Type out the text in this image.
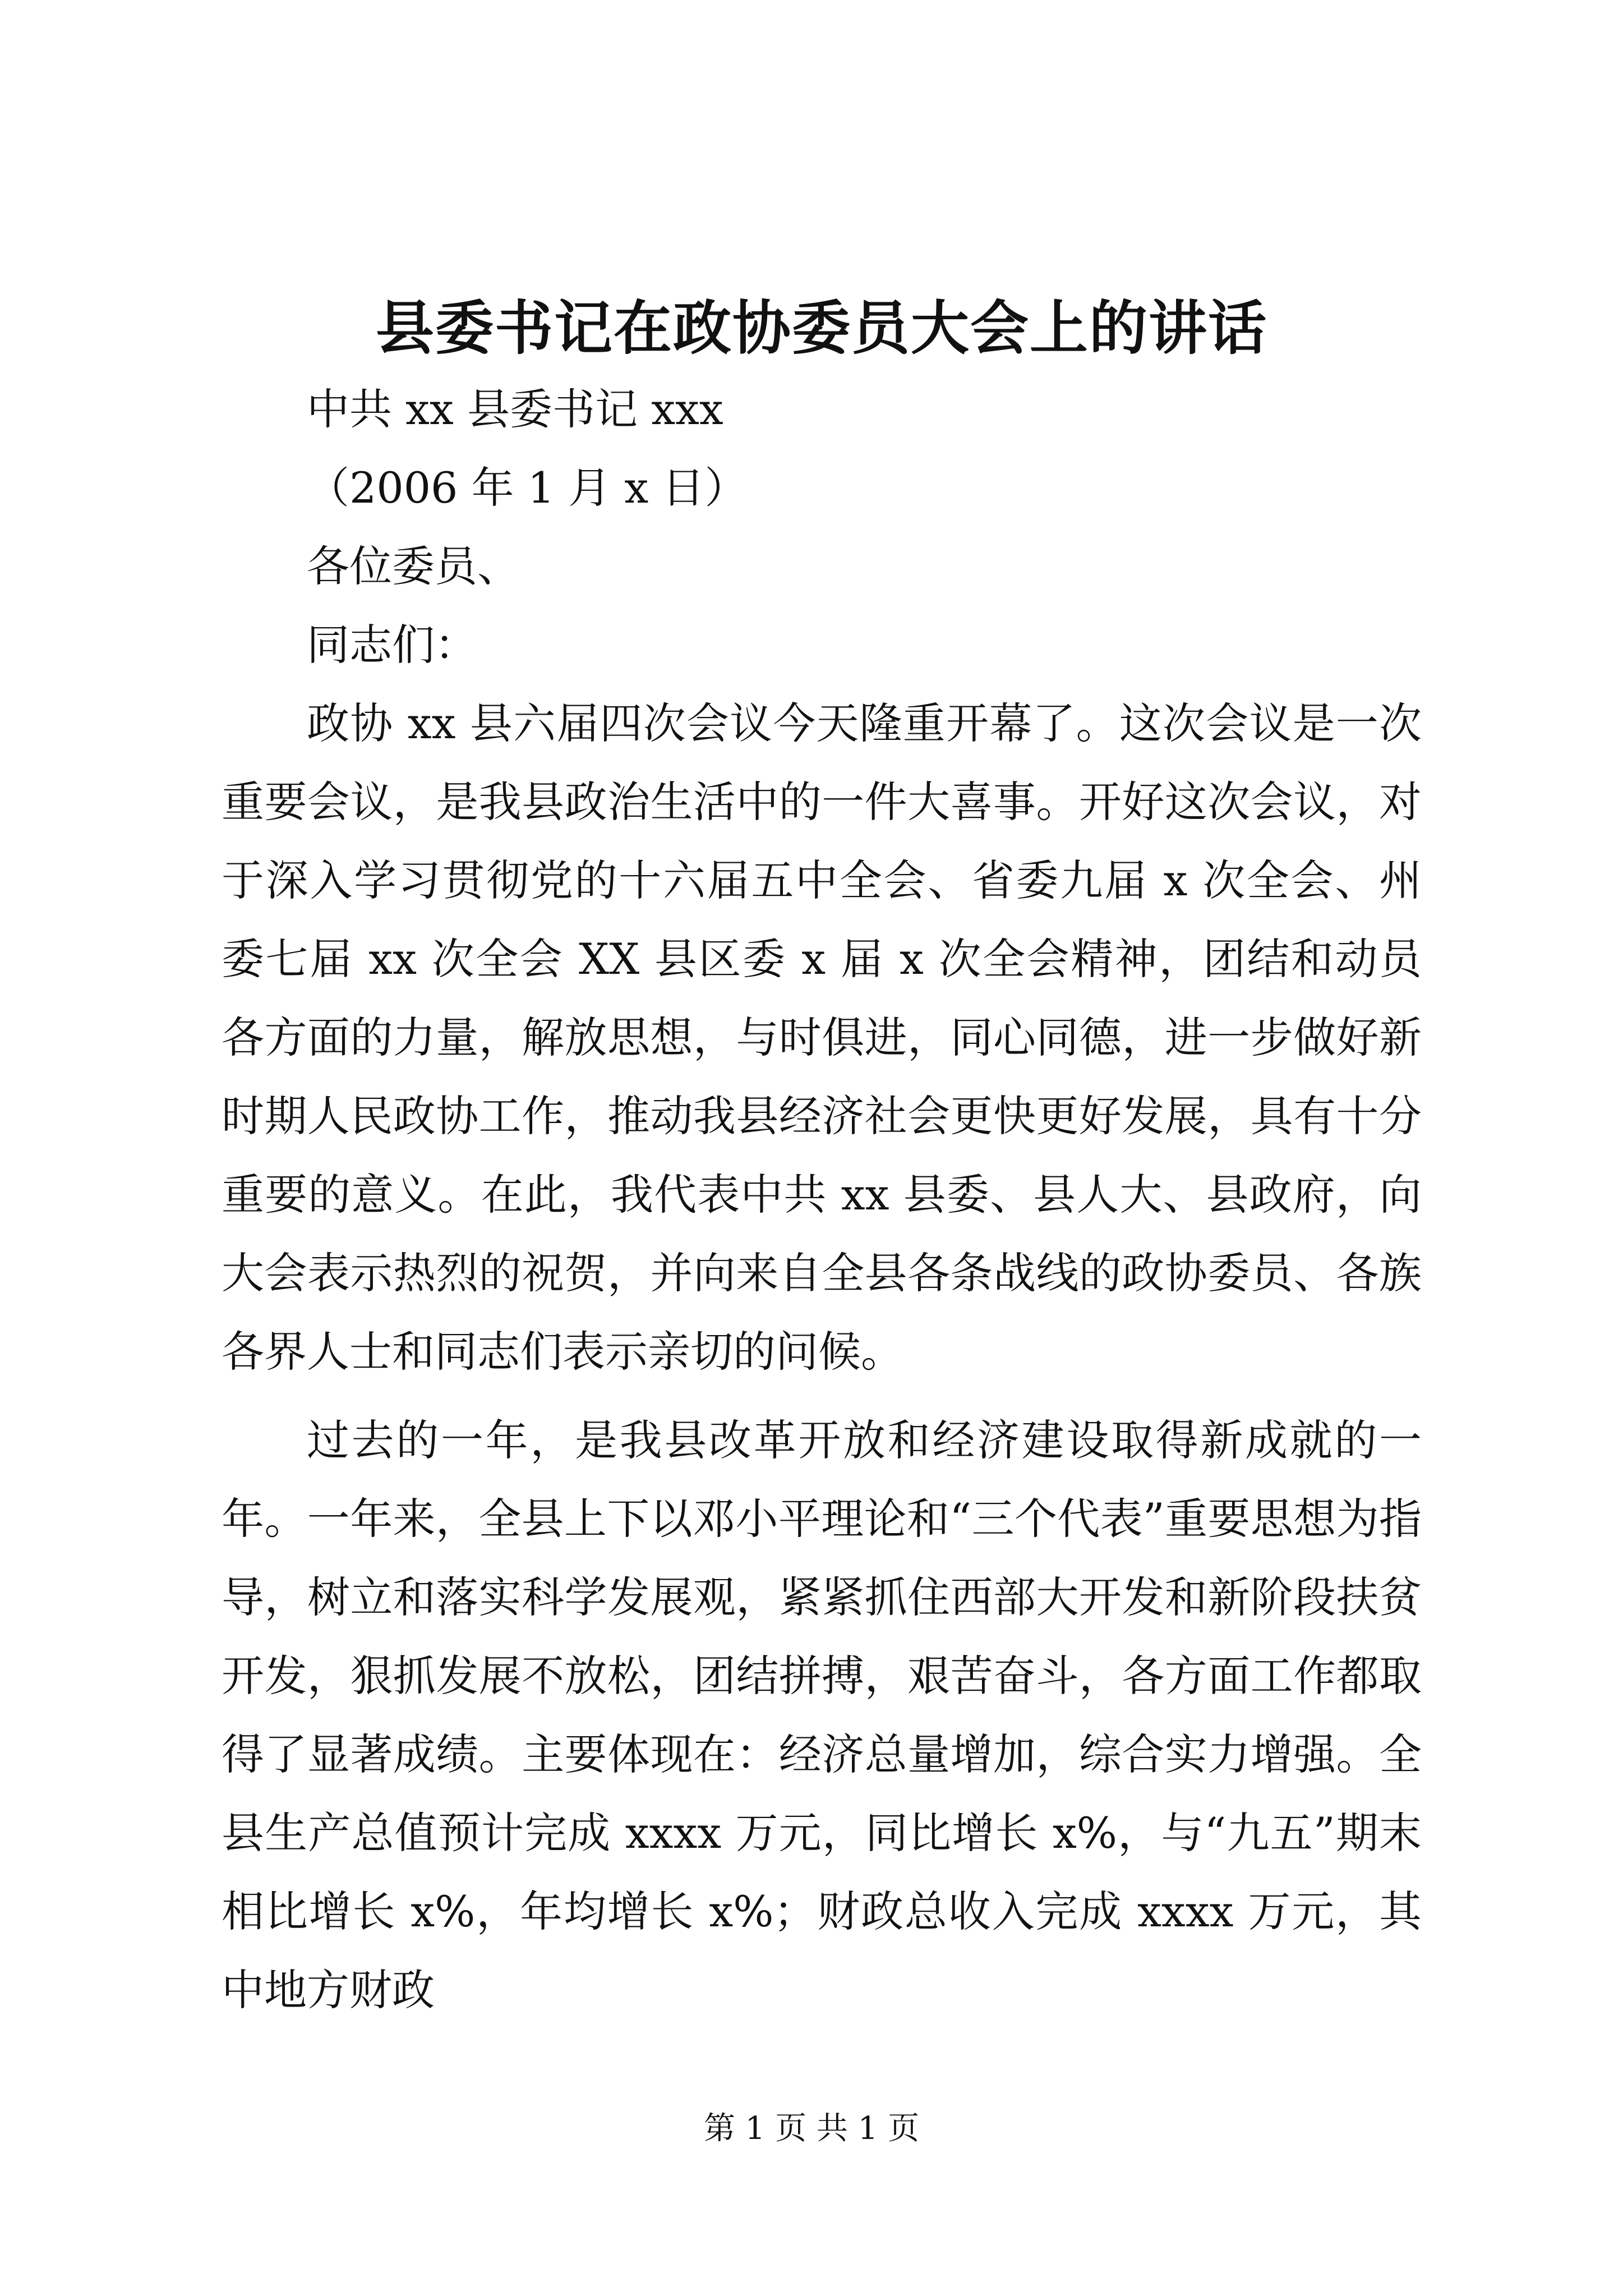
县委书记在政协委员大会上的讲话

中共 xx 县委书记 xxx

（2006 年 1 月 x 日）

各位委员、

同志们：

政协 xx 县六届四次会议今天隆重开幕了。这次会议是一次重要会议，是我县政治生活中的一件大喜事。开好这次会议，对于深入学习贯彻党的十六届五中全会、省委九届 x 次全会、州委七届 xx 次全会 XX 县区委 x 届 x 次全会精神，团结和动员各方面的力量，解放思想，与时俱进，同心同德，进一步做好新时期人民政协工作，推动我县经济社会更快更好发展，具有十分重要的意义。在此，我代表中共 xx 县委、县人大、县政府，向大会表示热烈的祝贺，并向来自全县各条战线的政协委员、各族各界人士和同志们表示亲切的问候。

过去的一年，是我县改革开放和经济建设取得新成就的一年。一年来，全县上下以邓小平理论和“三个代表”重要思想为指导，树立和落实科学发展观，紧紧抓住西部大开发和新阶段扶贫开发，狠抓发展不放松，团结拼搏，艰苦奋斗，各方面工作都取得了显著成绩。主要体现在：经济总量增加，综合实力增强。全县生产总值预计完成 xxxx 万元，同比增长 x%，与“九五”期末相比增长 x%，年均增长 x%；财政总收入完成 xxxx 万元，其中地方财政

第 1 页 共 1 页
